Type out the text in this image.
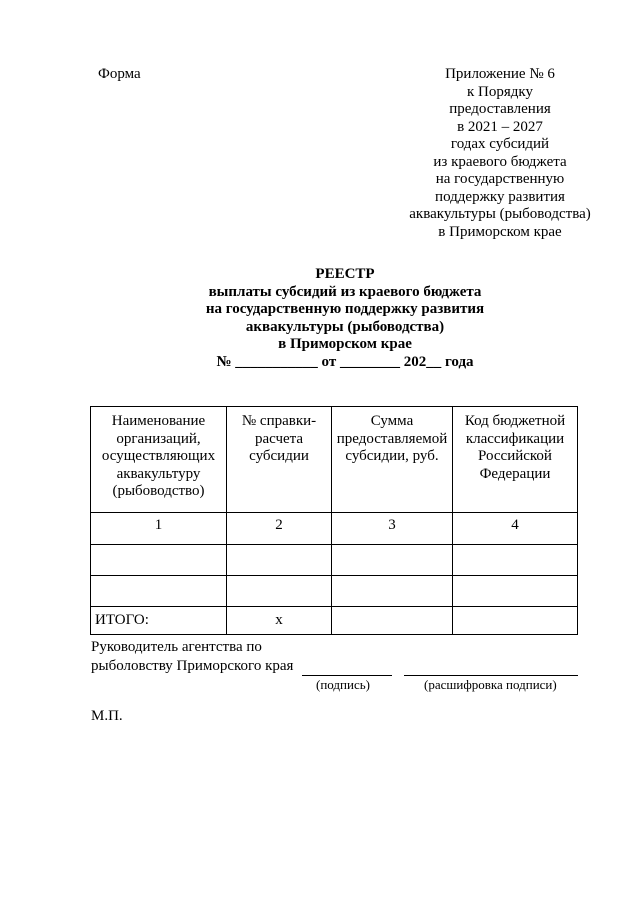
Форма	Приложение № 6
к Порядку
предоставления
в 2021 – 2027
годах субсидий
из краевого бюджета
на государственную
поддержку развития
аквакультуры (рыбоводства)
в Приморском крае
РЕЕСТР
выплаты субсидий из краевого бюджета
на государственную поддержку развития
аквакультуры (рыбоводства)
в Приморском крае
№ ___________ от ________ 202__ года
Наименование организаций, осуществляющих аквакультуру (рыбоводство)	№ справки-расчета субсидии	Сумма предоставляемой субсидии, руб.	Код бюджетной классификации Российской Федерации
1	2	3	4

ИТОГО:	х		
Руководитель агентства по
рыболовству Приморского края
(подпись)	(расшифровка подписи)
М.П.
